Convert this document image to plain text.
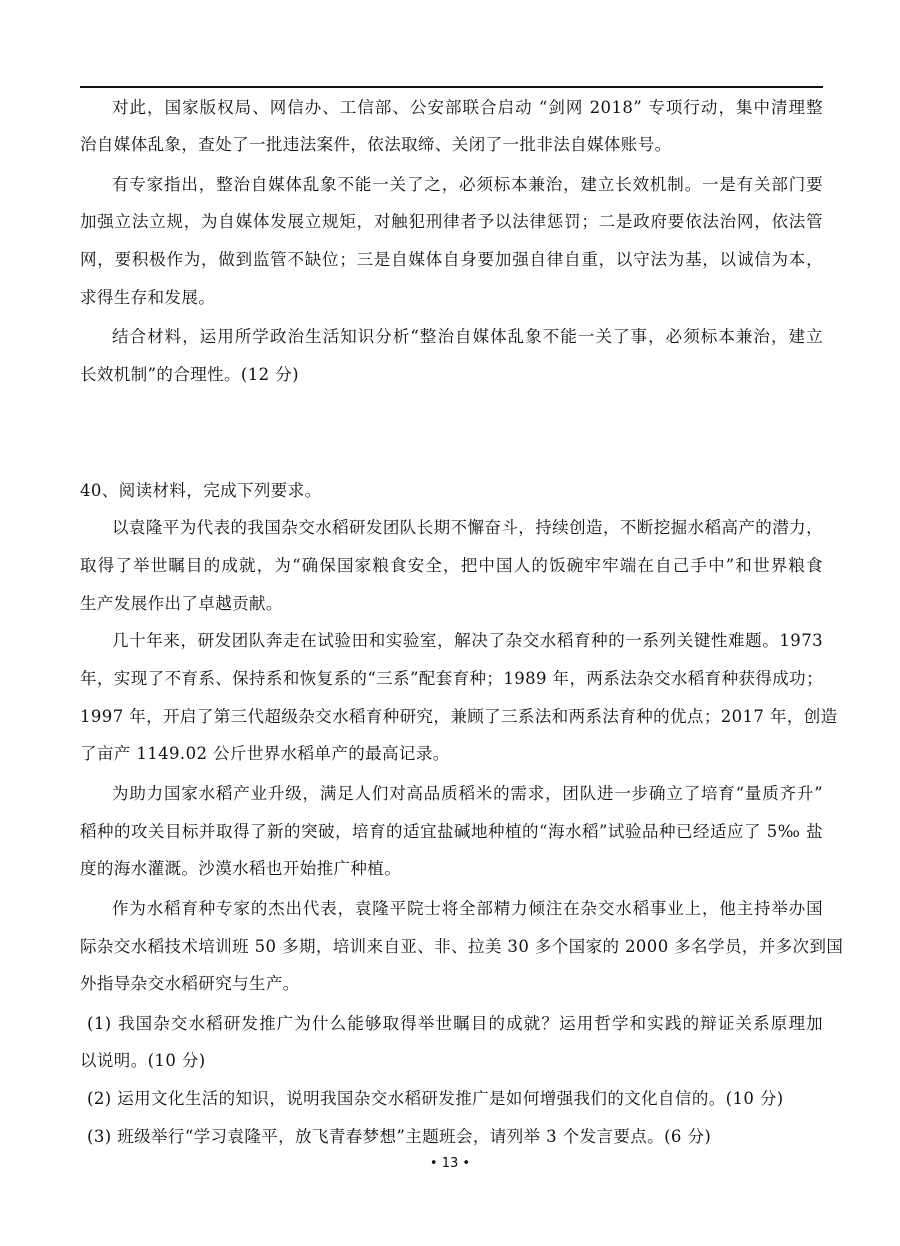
对此，国家版权局、网信办、工信部、公安部联合启动 “剑网 2018” 专项行动，集中清理整
治自媒体乱象，查处了一批违法案件，依法取缔、关闭了一批非法自媒体账号。
有专家指出，整治自媒体乱象不能一关了之，必须标本兼治，建立长效机制。一是有关部门要
加强立法立规，为自媒体发展立规矩，对触犯刑律者予以法律惩罚；二是政府要依法治网，依法管
网，要积极作为，做到监管不缺位；三是自媒体自身要加强自律自重，以守法为基，以诚信为本，
求得生存和发展。
结合材料，运用所学政治生活知识分析“整治自媒体乱象不能一关了事，必须标本兼治，建立
长效机制”的合理性。(12 分)
40、阅读材料，完成下列要求。
以袁隆平为代表的我国杂交水稻研发团队长期不懈奋斗，持续创造，不断挖掘水稻高产的潜力，
取得了举世瞩目的成就，为“确保国家粮食安全，把中国人的饭碗牢牢端在自己手中”和世界粮食
生产发展作出了卓越贡献。
几十年来，研发团队奔走在试验田和实验室，解决了杂交水稻育种的一系列关键性难题。1973
年，实现了不育系、保持系和恢复系的“三系”配套育种；1989 年，两系法杂交水稻育种获得成功；
1997 年，开启了第三代超级杂交水稻育种研究，兼顾了三系法和两系法育种的优点；2017 年，创造
了亩产 1149.02 公斤世界水稻单产的最高记录。
为助力国家水稻产业升级，满足人们对高品质稻米的需求，团队进一步确立了培育“量质齐升”
稻种的攻关目标并取得了新的突破，培育的适宜盐碱地种植的“海水稻”试验品种已经适应了 5‰ 盐
度的海水灌溉。沙漠水稻也开始推广种植。
作为水稻育种专家的杰出代表，袁隆平院士将全部精力倾注在杂交水稻事业上，他主持举办国
际杂交水稻技术培训班 50 多期，培训来自亚、非、拉美 30 多个国家的 2000 多名学员，并多次到国
外指导杂交水稻研究与生产。
(1) 我国杂交水稻研发推广为什么能够取得举世瞩目的成就？运用哲学和实践的辩证关系原理加
以说明。(10 分)
(2) 运用文化生活的知识，说明我国杂交水稻研发推广是如何增强我们的文化自信的。(10 分)
(3) 班级举行“学习袁隆平，放飞青春梦想”主题班会，请列举 3 个发言要点。(6 分)
• 13 •
